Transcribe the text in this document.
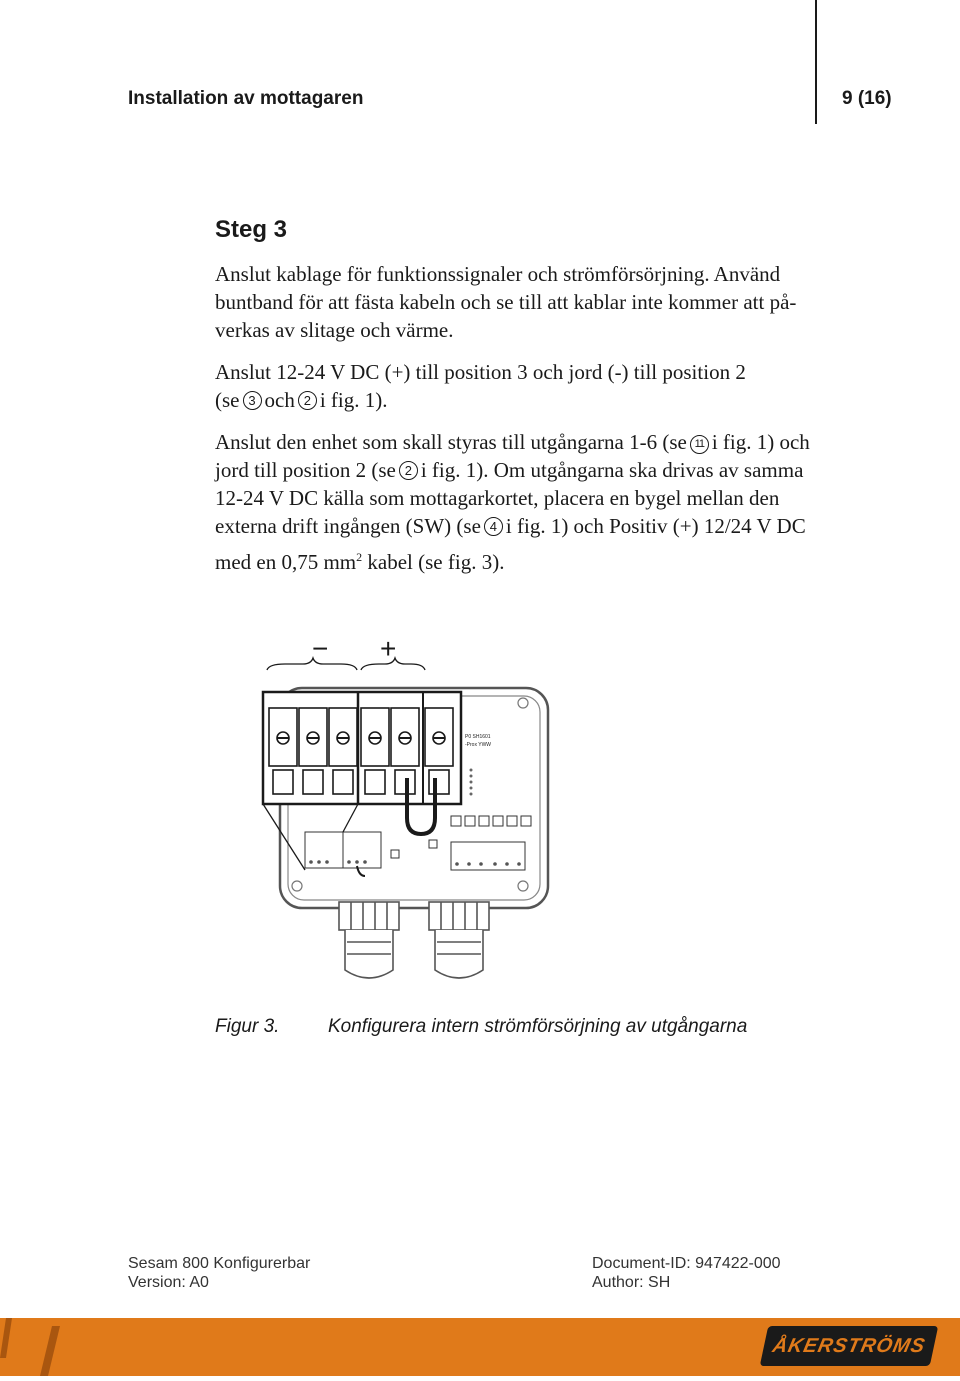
Installation av mottagaren	9 (16)
Steg 3
Anslut kablage för funktionssignaler och strömförsörjning. Använd
buntband för att fästa kabeln och se till att kablar inte kommer att på-
verkas av slitage och värme.
Anslut 12-24 V DC (+) till position 3 och jord (-) till position 2
(se 3 och 2 i fig. 1).
Anslut den enhet som skall styras till utgångarna 1-6 (se 11 i fig. 1) och
jord till position 2 (se 2 i fig. 1). Om utgångarna ska drivas av samma
12-24 V DC källa som mottagarkortet, placera en bygel mellan den
externa drift ingången (SW) (se 4 i fig. 1) och Positiv (+) 12/24 V DC
med en 0,75 $mm^2$ kabel (se fig. 3).
− +
P0 SH1601
-Prox YWW
Figur 3.	Konfigurera intern strömförsörjning av utgångarna
Sesam 800 Konfigurerbar
Version: A0
Document-ID: 947422-000
Author: SH
ÅKERSTRÖMS
